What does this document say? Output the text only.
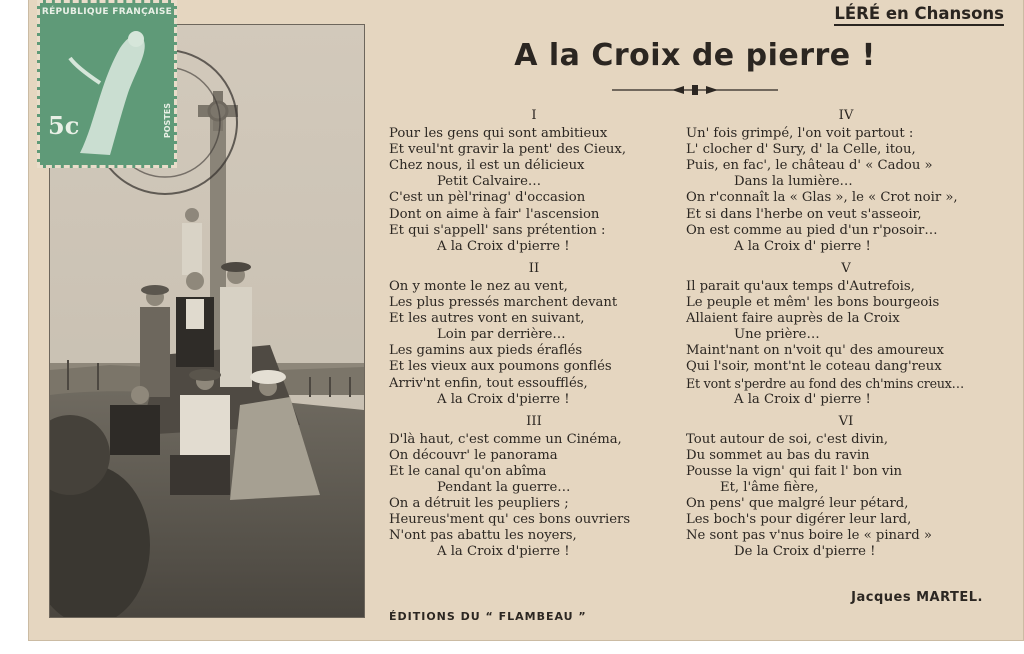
RÉPUBLIQUE FRANÇAISE
5c	POSTES
LÉRÉ en Chansons
A la Croix de pierre !
I
Pour les gens qui sont ambitieux
Et veul'nt gravir la pent' des Cieux,
Chez nous, il est un délicieux
Petit Calvaire…
C'est un pèl'rinag' d'occasion
Dont on aime à fair' l'ascension
Et qui s'appell' sans prétention :
A la Croix d'pierre !
II
On y monte le nez au vent,
Les plus pressés marchent devant
Et les autres vont en suivant,
Loin par derrière…
Les gamins aux pieds éraflés
Et les vieux aux poumons gonflés
Arriv'nt enfin, tout essoufflés,
A la Croix d'pierre !
III
D'là haut, c'est comme un Cinéma,
On découvr' le panorama
Et le canal qu'on abîma
Pendant la guerre…
On a détruit les peupliers ;
Heureus'ment qu' ces bons ouvriers
N'ont pas abattu les noyers,
A la Croix d'pierre !
IV
Un' fois grimpé, l'on voit partout :
L' clocher d' Sury, d' la Celle, itou,
Puis, en fac', le château d' « Cadou »
Dans la lumière…
On r'connaît la « Glas », le « Crot noir »,
Et si dans l'herbe on veut s'asseoir,
On est comme au pied d'un r'posoir…
A la Croix d' pierre !
V
Il parait qu'aux temps d'Autrefois,
Le peuple et mêm' les bons bourgeois
Allaient faire auprès de la Croix
Une prière…
Maint'nant on n'voit qu' des amoureux
Qui l'soir, mont'nt le coteau dang'reux
Et vont s'perdre au fond des ch'mins creux…
A la Croix d' pierre !
VI
Tout autour de soi, c'est divin,
Du sommet au bas du ravin
Pousse la vign' qui fait l' bon vin
Et, l'âme fière,
On pens' que malgré leur pétard,
Les boch's pour digérer leur lard,
Ne sont pas v'nus boire le « pinard »
De la Croix d'pierre !
ÉDITIONS DU “ FLAMBEAU ”
Jacques MARTEL.
